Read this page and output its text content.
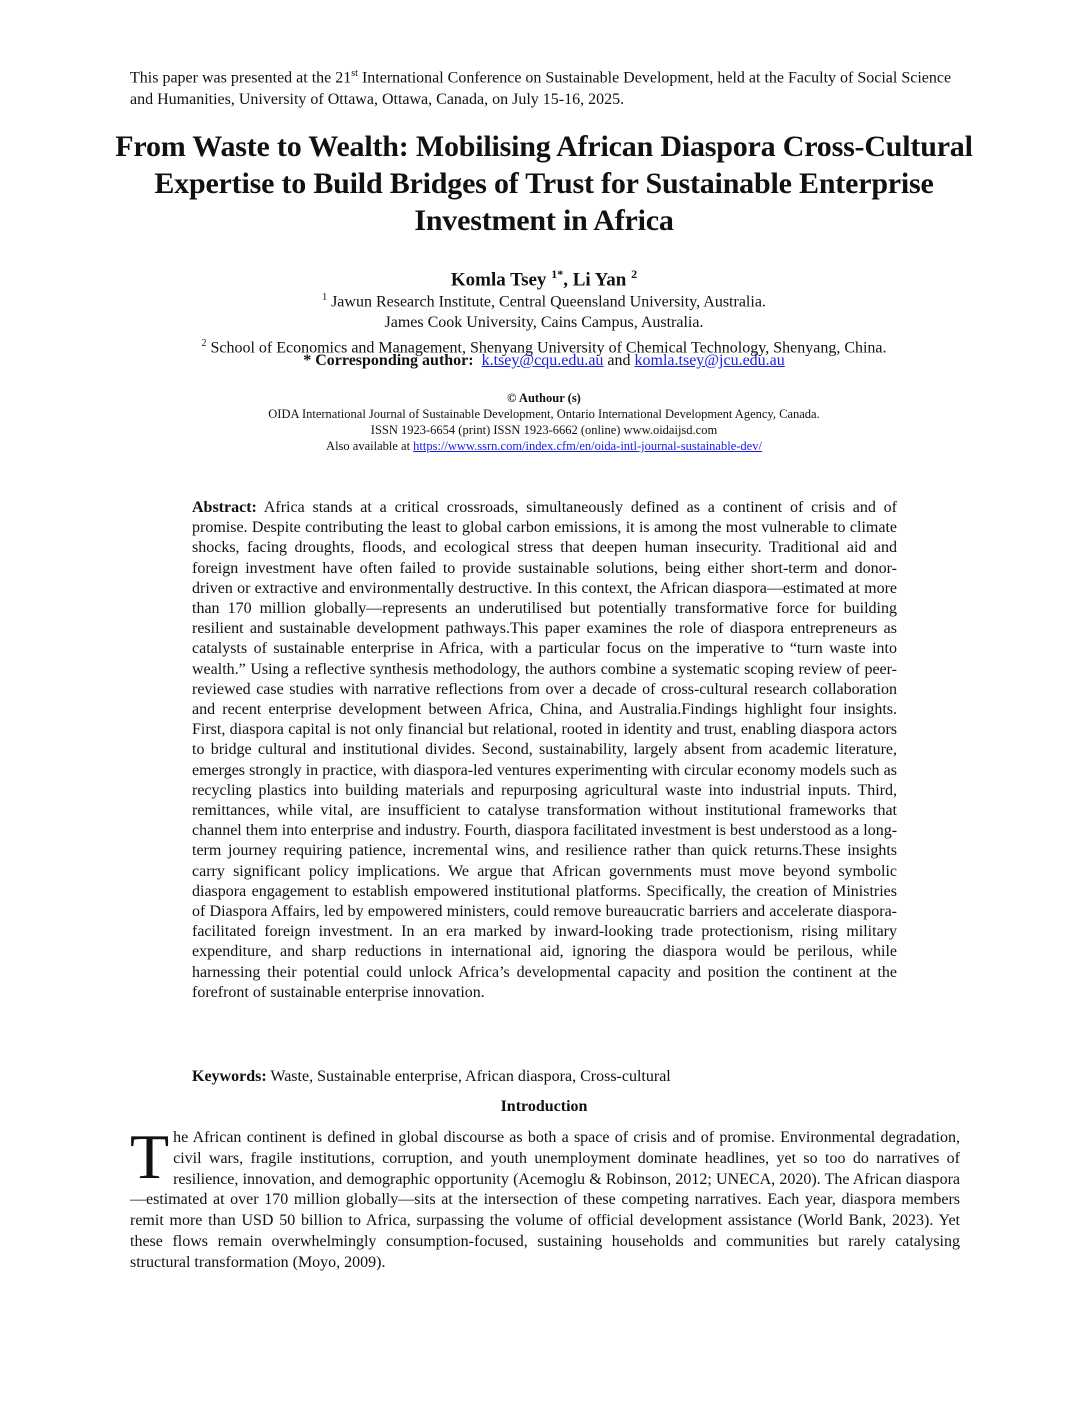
This paper was presented at the 21st International Conference on Sustainable Development, held at the Faculty of Social Science and Humanities, University of Ottawa, Ottawa, Canada, on July 15-16, 2025.
From Waste to Wealth: Mobilising African Diaspora Cross-Cultural Expertise to Build Bridges of Trust for Sustainable Enterprise Investment in Africa
Komla Tsey $^{1*}$, Li Yan $^2$
$^1$ Jawun Research Institute, Central Queensland University, Australia.
James Cook University, Cains Campus, Australia.
$^2$ School of Economics and Management, Shenyang University of Chemical Technology, Shenyang, China.
* Corresponding author: k.tsey@cqu.edu.au and komla.tsey@jcu.edu.au
© Authour (s)
OIDA International Journal of Sustainable Development, Ontario International Development Agency, Canada.
ISSN 1923-6654 (print) ISSN 1923-6662 (online) www.oidaijsd.com
Also available at https://www.ssrn.com/index.cfm/en/oida-intl-journal-sustainable-dev/
Abstract: Africa stands at a critical crossroads, simultaneously defined as a continent of crisis and of promise. Despite contributing the least to global carbon emissions, it is among the most vulnerable to climate shocks, facing droughts, floods, and ecological stress that deepen human insecurity. Traditional aid and foreign investment have often failed to provide sustainable solutions, being either short-term and donor-driven or extractive and environmentally destructive. In this context, the African diaspora—estimated at more than 170 million globally—represents an underutilised but potentially transformative force for building resilient and sustainable development pathways.This paper examines the role of diaspora entrepreneurs as catalysts of sustainable enterprise in Africa, with a particular focus on the imperative to “turn waste into wealth.” Using a reflective synthesis methodology, the authors combine a systematic scoping review of peer-reviewed case studies with narrative reflections from over a decade of cross-cultural research collaboration and recent enterprise development between Africa, China, and Australia.Findings highlight four insights. First, diaspora capital is not only financial but relational, rooted in identity and trust, enabling diaspora actors to bridge cultural and institutional divides. Second, sustainability, largely absent from academic literature, emerges strongly in practice, with diaspora-led ventures experimenting with circular economy models such as recycling plastics into building materials and repurposing agricultural waste into industrial inputs. Third, remittances, while vital, are insufficient to catalyse transformation without institutional frameworks that channel them into enterprise and industry. Fourth, diaspora facilitated investment is best understood as a long-term journey requiring patience, incremental wins, and resilience rather than quick returns.These insights carry significant policy implications. We argue that African governments must move beyond symbolic diaspora engagement to establish empowered institutional platforms. Specifically, the creation of Ministries of Diaspora Affairs, led by empowered ministers, could remove bureaucratic barriers and accelerate diaspora-facilitated foreign investment. In an era marked by inward-looking trade protectionism, rising military expenditure, and sharp reductions in international aid, ignoring the diaspora would be perilous, while harnessing their potential could unlock Africa’s developmental capacity and position the continent at the forefront of sustainable enterprise innovation.
Keywords: Waste, Sustainable enterprise, African diaspora, Cross-cultural
Introduction
The African continent is defined in global discourse as both a space of crisis and of promise. Environmental degradation, civil wars, fragile institutions, corruption, and youth unemployment dominate headlines, yet so too do narratives of resilience, innovation, and demographic opportunity (Acemoglu & Robinson, 2012; UNECA, 2020). The African diaspora—estimated at over 170 million globally—sits at the intersection of these competing narratives. Each year, diaspora members remit more than USD 50 billion to Africa, surpassing the volume of official development assistance (World Bank, 2023). Yet these flows remain overwhelmingly consumption-focused, sustaining households and communities but rarely catalysing structural transformation (Moyo, 2009).
